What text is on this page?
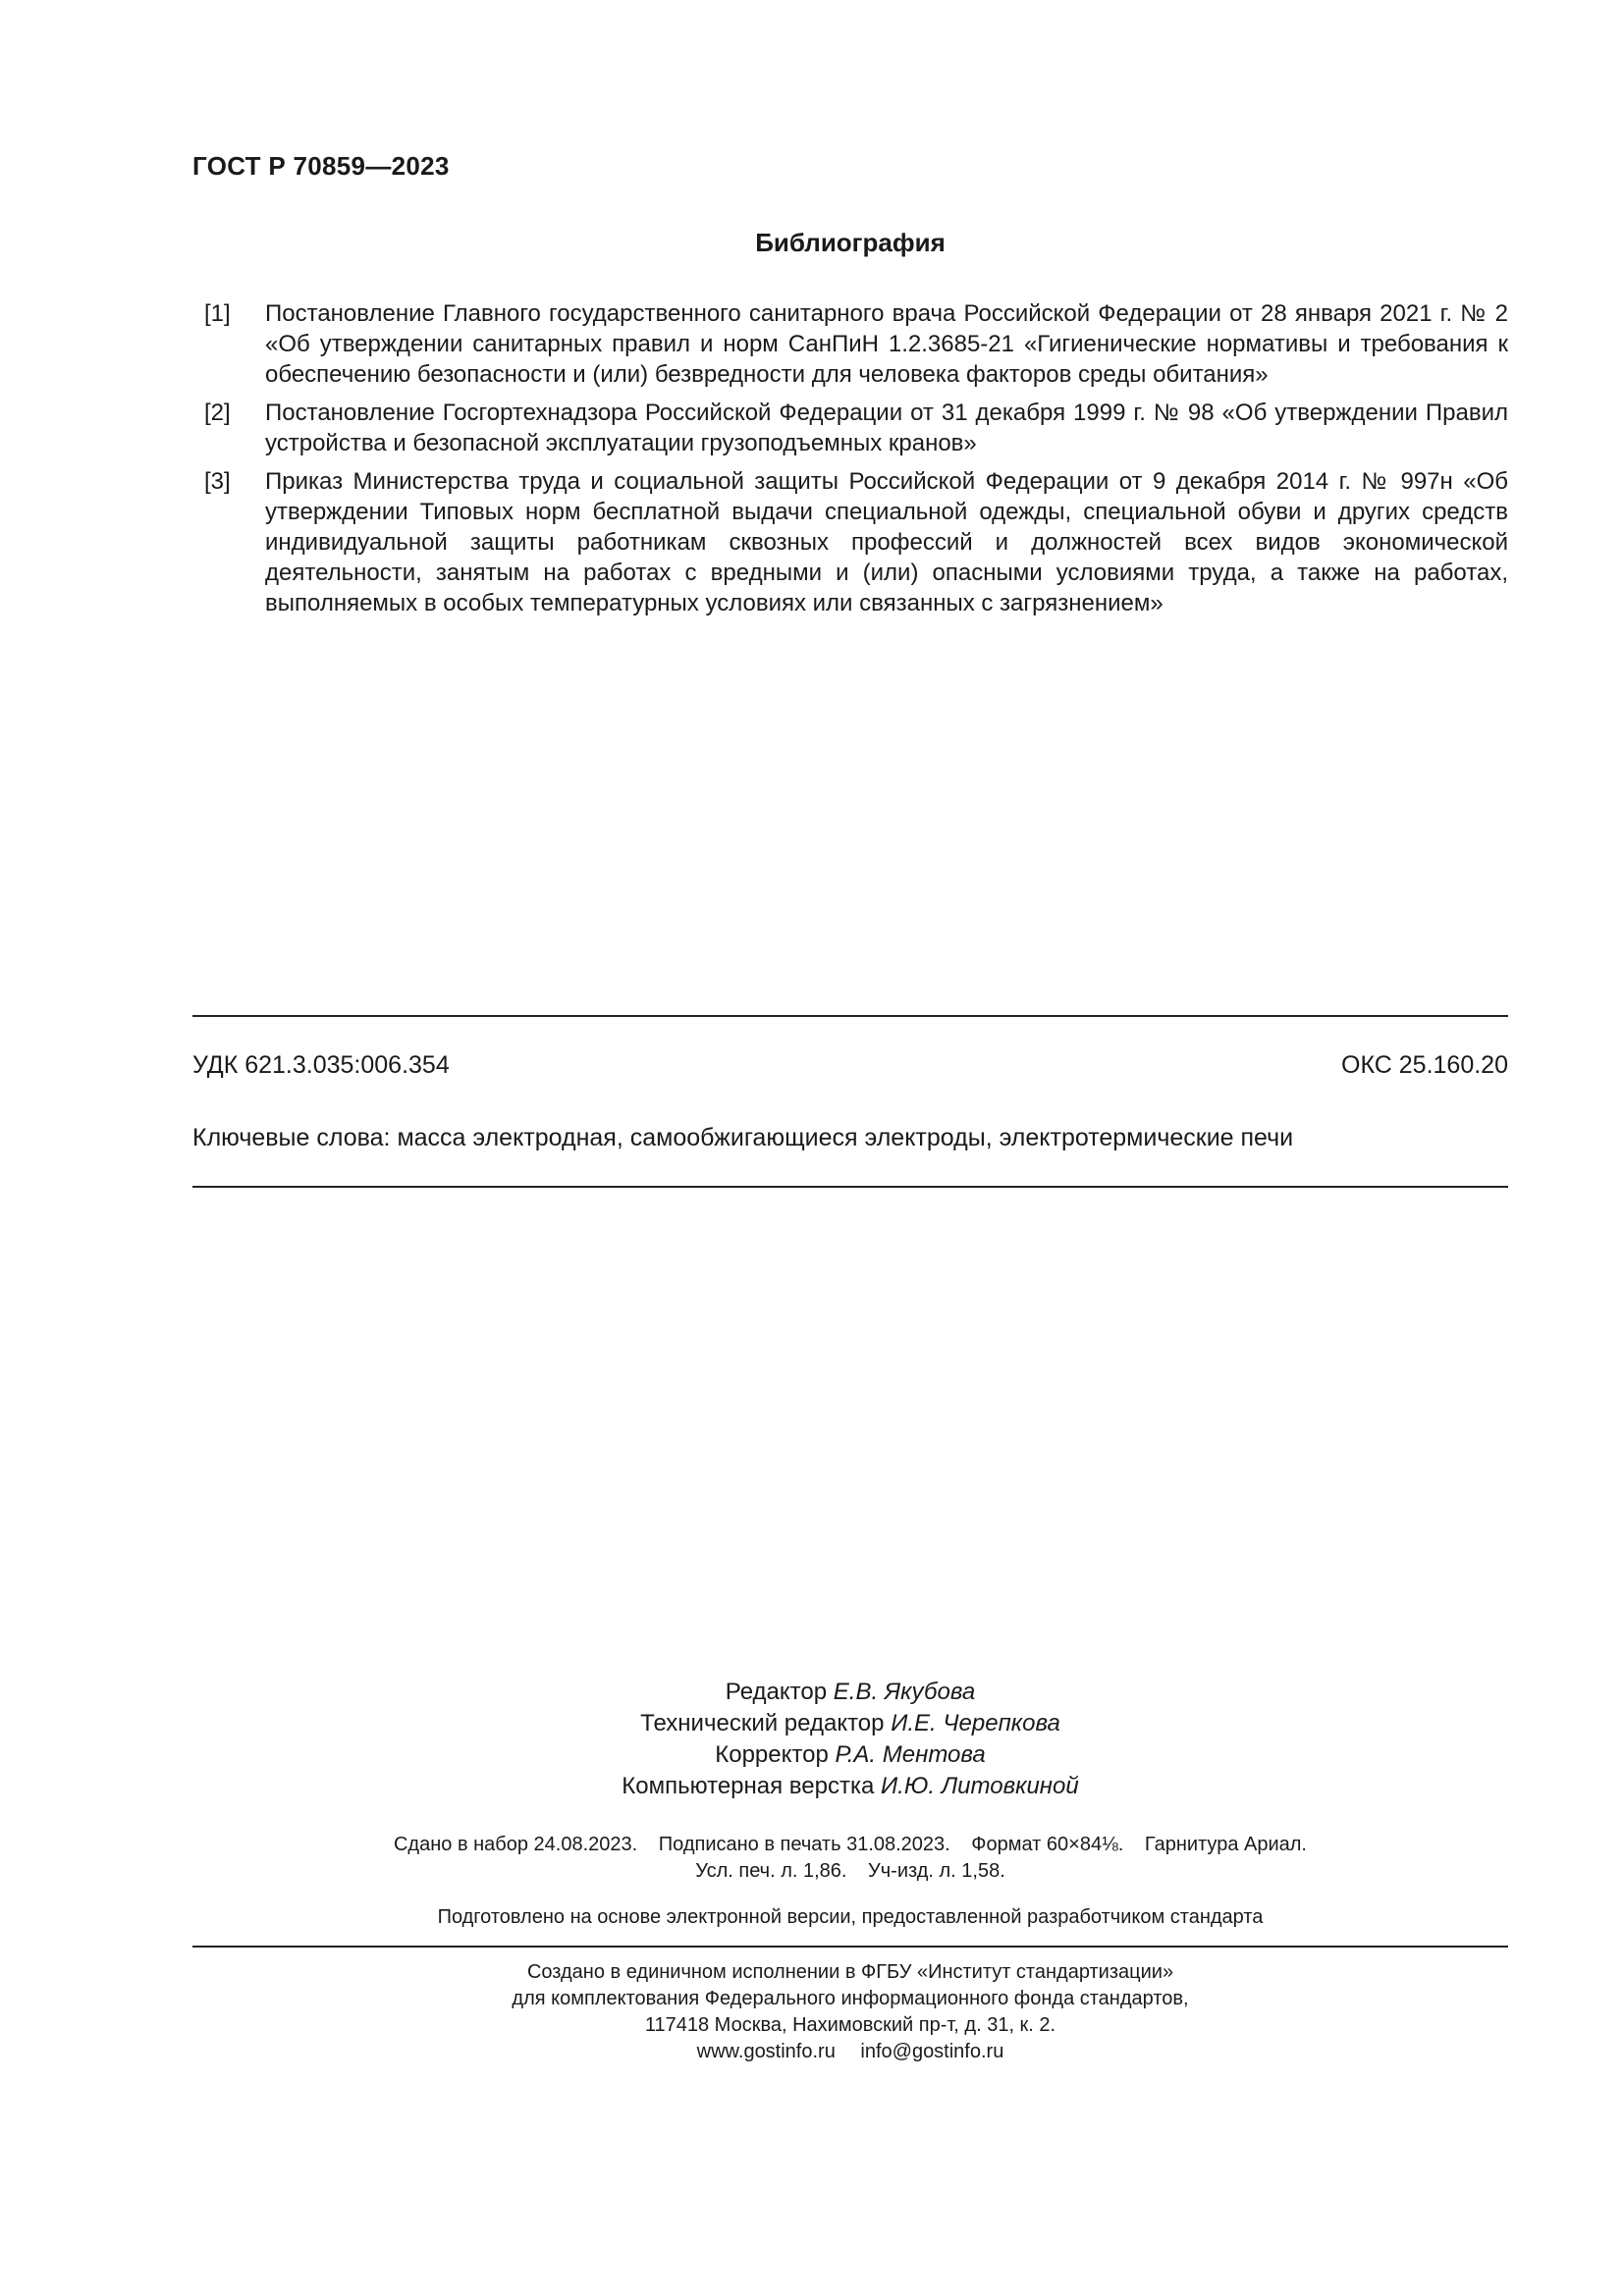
ГОСТ Р 70859—2023
Библиография
[1]	Постановление Главного государственного санитарного врача Российской Федерации от 28 января 2021 г. № 2 «Об утверждении санитарных правил и норм СанПиН 1.2.3685-21 «Гигиенические нормативы и требования к обеспечению безопасности и (или) безвредности для человека факторов среды обитания»
[2]	Постановление Госгортехнадзора Российской Федерации от 31 декабря 1999 г. № 98 «Об утверждении Правил устройства и безопасной эксплуатации грузоподъемных кранов»
[3]	Приказ Министерства труда и социальной защиты Российской Федерации от 9 декабря 2014 г. № 997н «Об утверждении Типовых норм бесплатной выдачи специальной одежды, специальной обуви и других средств индивидуальной защиты работникам сквозных профессий и должностей всех видов экономической деятельности, занятым на работах с вредными и (или) опасными условиями труда, а также на работах, выполняемых в особых температурных условиях или связанных с загрязнением»
УДК 621.3.035:006.354	ОКС 25.160.20
Ключевые слова: масса электродная, самообжигающиеся электроды, электротермические печи
Редактор Е.В. Якубова
Технический редактор И.Е. Черепкова
Корректор Р.А. Ментова
Компьютерная верстка И.Ю. Литовкиной
Сдано в набор 24.08.2023. Подписано в печать 31.08.2023. Формат 60×84⅛. Гарнитура Ариал.
Усл. печ. л. 1,86. Уч-изд. л. 1,58.
Подготовлено на основе электронной версии, предоставленной разработчиком стандарта
Создано в единичном исполнении в ФГБУ «Институт стандартизации»
для комплектования Федерального информационного фонда стандартов,
117418 Москва, Нахимовский пр-т, д. 31, к. 2.
www.gostinfo.ru info@gostinfo.ru
